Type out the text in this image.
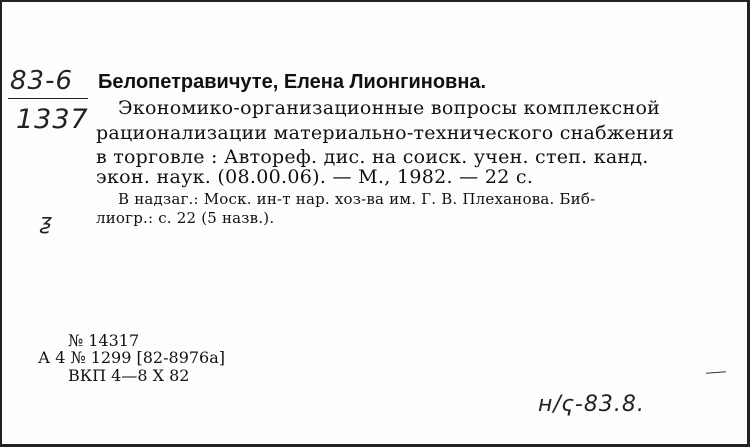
83-6
1337
ƺ
Белопетравичуте, Елена Лионгиновна.
Экономико-организационные вопросы комплексной
рационализации материально-технического снабжения
в торговле : Автореф. дис. на соиск. учен. степ. канд.
экон. наук. (08.00.06). — М., 1982. — 22 с.
В надзаг.: Моск. ин-т нар. хоз-ва им. Г. В. Плеханова. Биб-
лиогр.: с. 22 (5 назв.).
№ 14317
А 4 № 1299 [82-8976а]
ВКП 4—8 Х 82
н/ҁ-83.8.
